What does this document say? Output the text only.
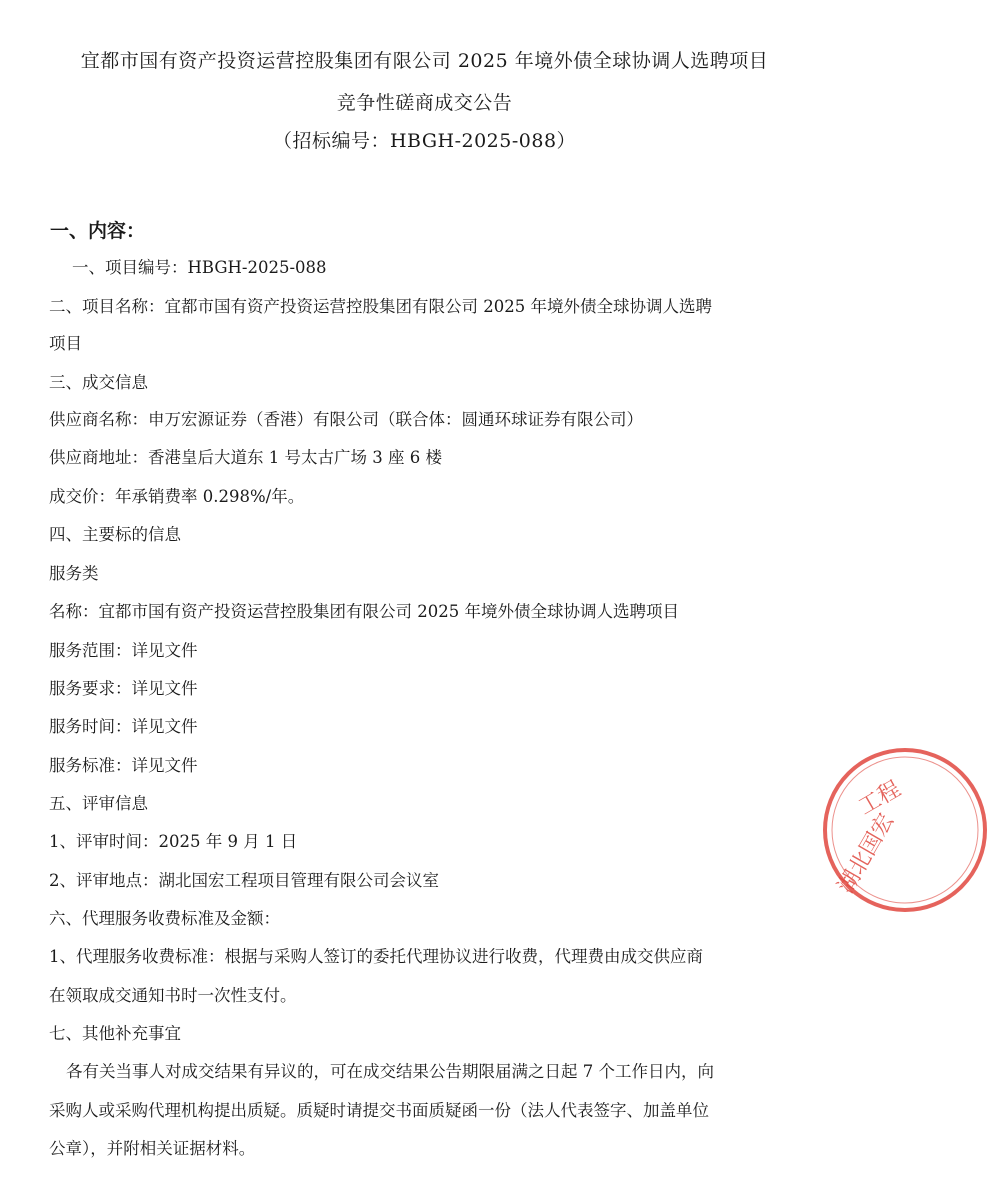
宜都市国有资产投资运营控股集团有限公司 2025 年境外债全球协调人选聘项目
竞争性磋商成交公告
（招标编号：HBGH-2025-088）
一、内容：
一、项目编号：HBGH-2025-088
二、项目名称：宜都市国有资产投资运营控股集团有限公司 2025 年境外债全球协调人选聘
项目
三、成交信息
供应商名称：申万宏源证券（香港）有限公司（联合体：圆通环球证券有限公司）
供应商地址：香港皇后大道东 1 号太古广场 3 座 6 楼
成交价：年承销费率 0.298%/年。
四、主要标的信息
服务类
名称：宜都市国有资产投资运营控股集团有限公司 2025 年境外债全球协调人选聘项目
服务范围：详见文件
服务要求：详见文件
服务时间：详见文件
服务标准：详见文件
五、评审信息
1、评审时间：2025 年 9 月 1 日
2、评审地点：湖北国宏工程项目管理有限公司会议室
六、代理服务收费标准及金额：
1、代理服务收费标准：根据与采购人签订的委托代理协议进行收费，代理费由成交供应商
在领取成交通知书时一次性支付。
七、其他补充事宜
各有关当事人对成交结果有异议的，可在成交结果公告期限届满之日起 7 个工作日内，向
采购人或采购代理机构提出质疑。质疑时请提交书面质疑函一份（法人代表签字、加盖单位
公章），并附相关证据材料。
湖北国宏
工程
